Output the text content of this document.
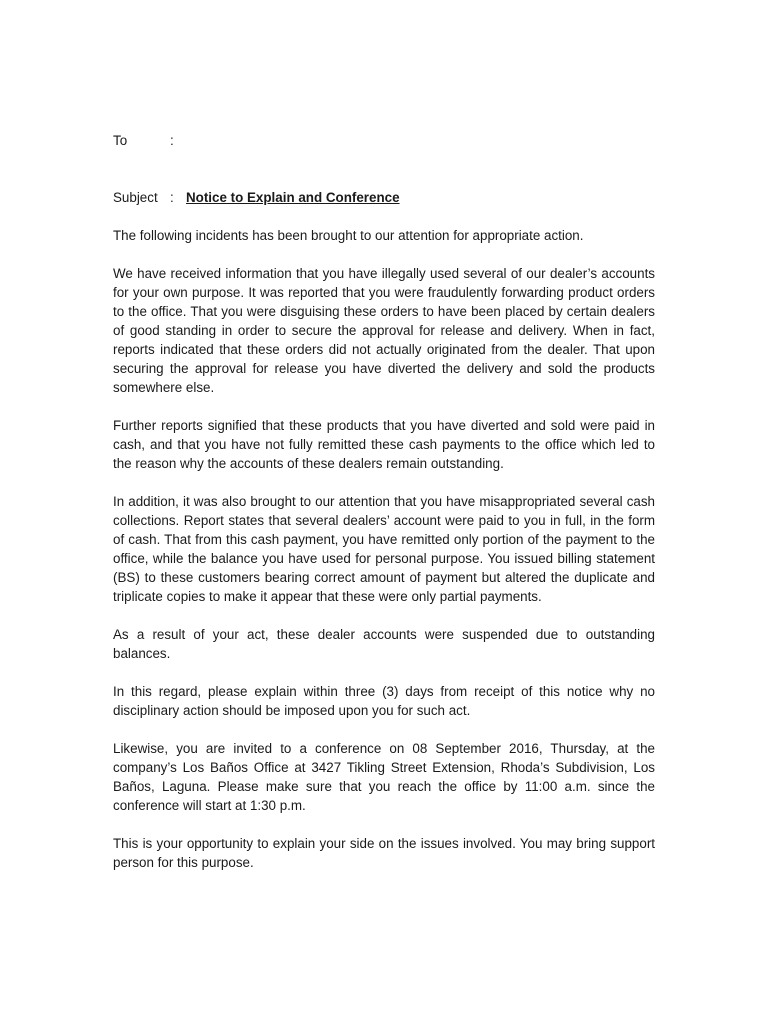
To	:
Subject : Notice to Explain and Conference

The following incidents has been brought to our attention for appropriate action.

We have received information that you have illegally used several of our dealer’s accounts for your own purpose. It was reported that you were fraudulently forwarding product orders to the office. That you were disguising these orders to have been placed by certain dealers of good standing in order to secure the approval for release and delivery. When in fact, reports indicated that these orders did not actually originated from the dealer. That upon securing the approval for release you have diverted the delivery and sold the products somewhere else.

Further reports signified that these products that you have diverted and sold were paid in cash, and that you have not fully remitted these cash payments to the office which led to the reason why the accounts of these dealers remain outstanding.

In addition, it was also brought to our attention that you have misappropriated several cash collections. Report states that several dealers’ account were paid to you in full, in the form of cash. That from this cash payment, you have remitted only portion of the payment to the office, while the balance you have used for personal purpose. You issued billing statement (BS) to these customers bearing correct amount of payment but altered the duplicate and triplicate copies to make it appear that these were only partial payments.

As a result of your act, these dealer accounts were suspended due to outstanding balances.

In this regard, please explain within three (3) days from receipt of this notice why no disciplinary action should be imposed upon you for such act.

Likewise, you are invited to a conference on 08 September 2016, Thursday, at the company’s Los Baños Office at 3427 Tikling Street Extension, Rhoda’s Subdivision, Los Baños, Laguna. Please make sure that you reach the office by 11:00 a.m. since the conference will start at 1:30 p.m.

This is your opportunity to explain your side on the issues involved. You may bring support person for this purpose.
